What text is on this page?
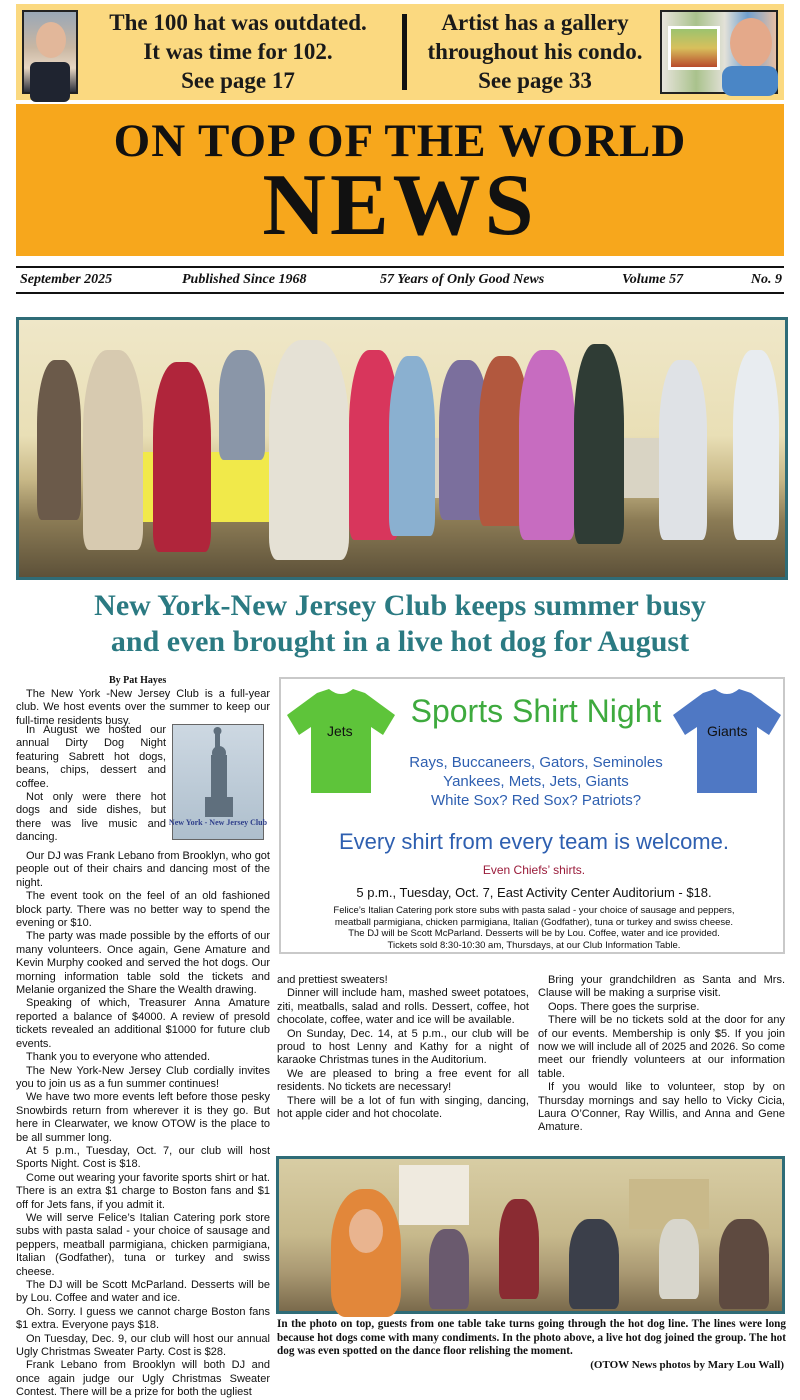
The 100 hat was outdated.
It was time for 102.
See page 17
Artist has a gallery
throughout his condo.
See page 33
ON TOP OF THE WORLD
NEWS
September 2025	Published Since 1968	57 Years of Only Good News	Volume 57	No. 9
New York-New Jersey Club keeps summer busy
and even brought in a live hot dog for August
By Pat Hayes

The New York -New Jersey Club is a full-year club. We host events over the summer to keep our full-time residents busy.

In August we hosted our annual Dirty Dog Night featuring Sabrett hot dogs, beans, chips, dessert and coffee.

Not only were there hot dogs and side dishes, but there was live music and dancing.

New York - New Jersey Club

Our DJ was Frank Lebano from Brooklyn, who got people out of their chairs and dancing most of the night.

The event took on the feel of an old fashioned block party. There was no better way to spend the evening or $10.

The party was made possible by the efforts of our many volunteers. Once again, Gene Amature and Kevin Murphy cooked and served the hot dogs. Our morning information table sold the tickets and Melanie organized the Share the Wealth drawing.

Speaking of which, Treasurer Anna Amature reported a balance of $4000. A review of presold tickets revealed an additional $1000 for future club events.

Thank you to everyone who attended.

The New York-New Jersey Club cordially invites you to join us as a fun summer continues!

We have two more events left before those pesky Snowbirds return from wherever it is they go. But here in Clearwater, we know OTOW is the place to be all summer long.

At 5 p.m., Tuesday, Oct. 7, our club will host Sports Night. Cost is $18.

Come out wearing your favorite sports shirt or hat. There is an extra $1 charge to Boston fans and $1 off for Jets fans, if you admit it.

We will serve Felice’s Italian Catering pork store subs with pasta salad - your choice of sausage and peppers, meatball parmigiana, chicken parmigiana, Italian (Godfather), tuna or turkey and swiss cheese.

The DJ will be Scott McParland. Desserts will be by Lou. Coffee and water and ice.

Oh. Sorry. I guess we cannot charge Boston fans $1 extra. Everyone pays $18.

On Tuesday, Dec. 9, our club will host our annual Ugly Christmas Sweater Party. Cost is $28.

Frank Lebano from Brooklyn will both DJ and once again judge our Ugly Christmas Sweater Contest. There will be a prize for both the ugliest

Jets	Giants
Sports Shirt Night
Rays, Buccaneers, Gators, Seminoles
Yankees, Mets, Jets, Giants
White Sox? Red Sox? Patriots?
Every shirt from every team is welcome.
Even Chiefs’ shirts.
5 p.m., Tuesday, Oct. 7, East Activity Center Auditorium - $18.
Felice’s Italian Catering pork store subs with pasta salad - your choice of sausage and peppers,
meatball parmigiana, chicken parmigiana, Italian (Godfather), tuna or turkey and swiss cheese.
The DJ will be Scott McParland. Desserts will be by Lou. Coffee, water and ice provided.
Tickets sold 8:30-10:30 am, Thursdays, at our Club Information Table.

and prettiest sweaters!

Dinner will include ham, mashed sweet potatoes, ziti, meatballs, salad and rolls. Dessert, coffee, hot chocolate, coffee, water and ice will be available.

On Sunday, Dec. 14, at 5 p.m., our club will be proud to host Lenny and Kathy for a night of karaoke Christmas tunes in the Auditorium.

We are pleased to bring a free event for all residents. No tickets are necessary!

There will be a lot of fun with singing, dancing, hot apple cider and hot chocolate.

Bring your grandchildren as Santa and Mrs. Clause will be making a surprise visit.

Oops. There goes the surprise.

There will be no tickets sold at the door for any of our events. Membership is only $5. If you join now we will include all of 2025 and 2026. So come meet our friendly volunteers at our information table.

If you would like to volunteer, stop by on Thursday mornings and say hello to Vicky Cicia, Laura O’Conner, Ray Willis, and Anna and Gene Amature.

In the photo on top, guests from one table take turns going through the hot dog line. The lines were long because hot dogs come with many condiments. In the photo above, a live hot dog joined the group. The hot dog was even spotted on the dance floor relishing the moment.
(OTOW News photos by Mary Lou Wall)
